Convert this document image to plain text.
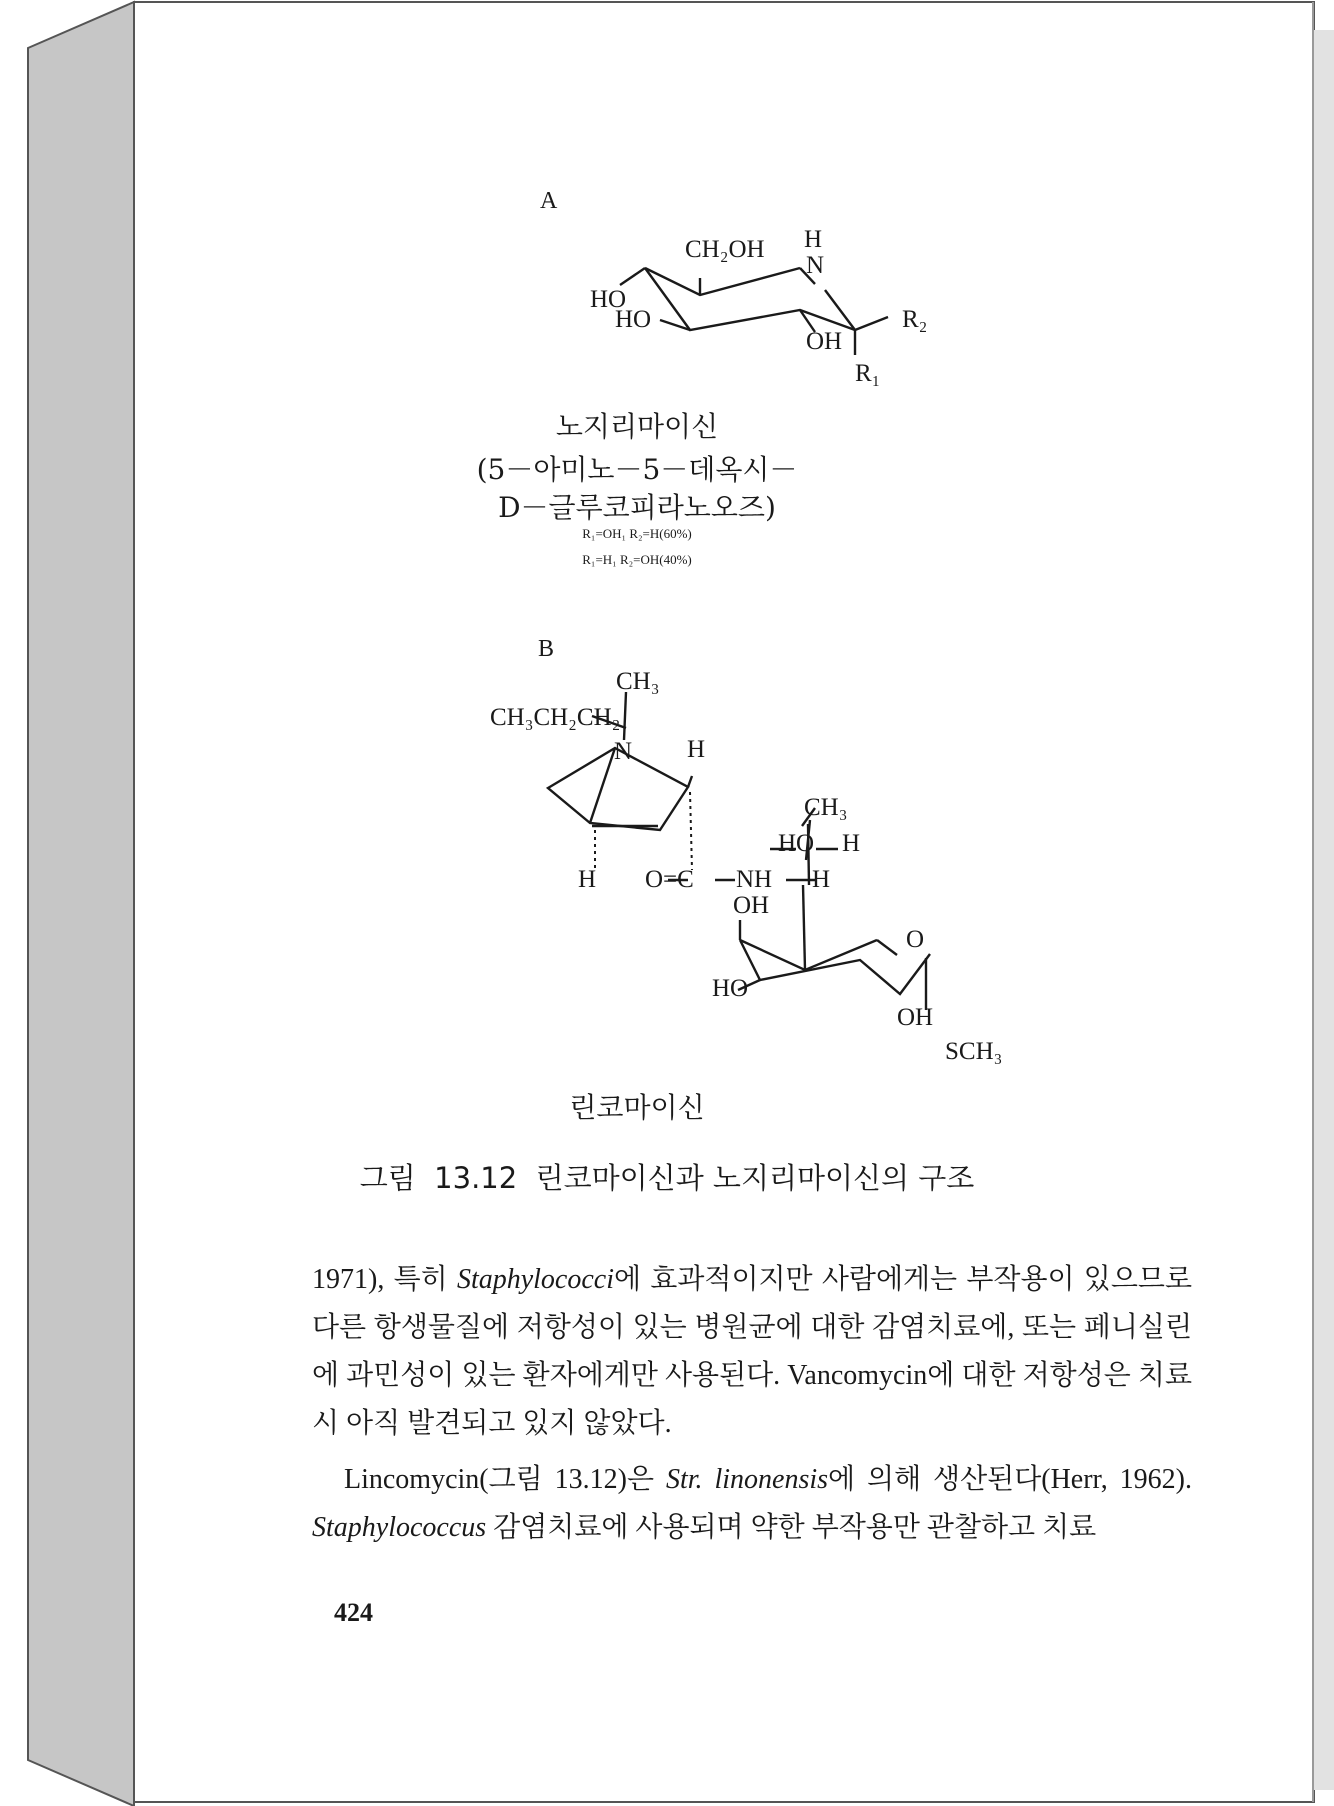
A
CH₂OH H
N
HO
HO
OH
R₂
R₁
노지리마이신
(5－아미노－5－데옥시－
D－글루코피라노오즈)
R₁=OH₁ R₂=H(60%)
R₁=H₁ R₂=OH(40%)
B
CH₃
CH₃CH₂CH₂
N H
CH₃
HO H
H O=C NH H
OH
O
HO
OH
SCH₃
린코마이신
그림  13.12  린코마이신과 노지리마이신의 구조
1971), 특히 Staphylococci에 효과적이지만 사람에게는 부작용이 있으므로 다른 항생물질에 저항성이 있는 병원균에 대한 감염치료에, 또는 페니실린에 과민성이 있는 환자에게만 사용된다. Vancomycin에 대한 저항성은 치료시 아직 발견되고 있지 않았다.
Lincomycin(그림 13.12)은 Str. linonensis에 의해 생산된다(Herr, 1962). Staphylococcus 감염치료에 사용되며 약한 부작용만 관찰하고 치료
424
